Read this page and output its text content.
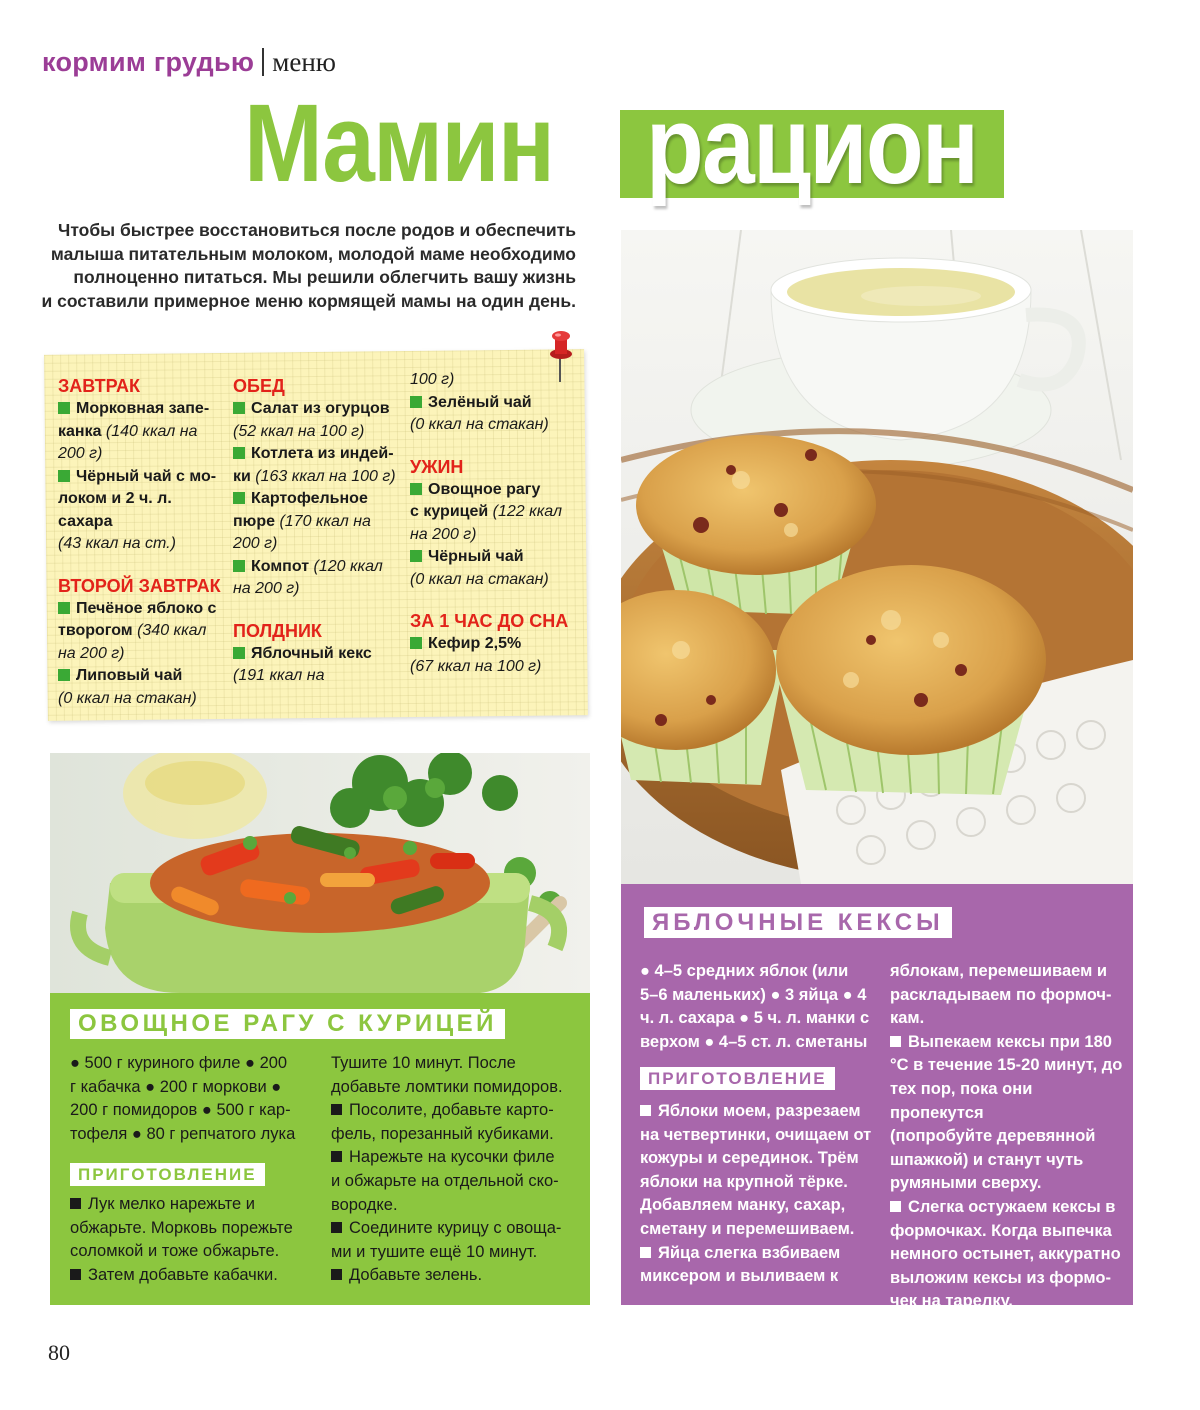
кормим грудью меню
Мамин рацион
Чтобы быстрее восстановиться после родов и обеспечить
малыша питательным молоком, молодой маме необходимо
полноценно питаться. Мы решили облегчить вашу жизнь
и составили примерное меню кормящей мамы на один день.
ЗАВТРАК
Морковная запе-
канка (140 ккал на
200 г)
Чёрный чай с мо-
локом и 2 ч. л. сахара
(43 ккал на ст.)
ВТОРОЙ ЗАВТРАК
Печёное яблоко с
творогом (340 ккал
на 200 г)
Липовый чай
(0 ккал на стакан)
ОБЕД
Салат из огурцов
(52 ккал на 100 г)
Котлета из индей-
ки (163 ккал на 100 г)
Картофельное
пюре (170 ккал на
200 г)
Компот (120 ккал
на 200 г)
ПОЛДНИК
Яблочный кекс
(191 ккал на
100 г)
Зелёный чай
(0 ккал на стакан)
УЖИН
Овощное рагу
с курицей (122 ккал
на 200 г)
Чёрный чай
(0 ккал на стакан)
ЗА 1 ЧАС ДО СНА
Кефир 2,5%
(67 ккал на 100 г)
ОВОЩНОЕ РАГУ С КУРИЦЕЙ
● 500 г куриного филе ● 200
г кабачка ● 200 г моркови ●
200 г помидоров ● 500 г кар-
тофеля ● 80 г репчатого лука
ПРИГОТОВЛЕНИЕ
Лук мелко нарежьте и
обжарьте. Морковь порежьте
соломкой и тоже обжарьте.
Затем добавьте кабачки.
Тушите 10 минут. После
добавьте ломтики помидоров.
Посолите, добавьте карто-
фель, порезанный кубиками.
Нарежьте на кусочки филе
и обжарьте на отдельной ско-
вородке.
Соедините курицу с овоща-
ми и тушите ещё 10 минут.
Добавьте зелень.
ЯБЛОЧНЫЕ КЕКСЫ
● 4–5 средних яблок (или
5–6 маленьких) ● 3 яйца ● 4
ч. л. сахара ● 5 ч. л. манки с
верхом ● 4–5 ст. л. сметаны
ПРИГОТОВЛЕНИЕ
Яблоки моем, разрезаем
на четвертинки, очищаем от
кожуры и серединок. Трём
яблоки на крупной тёрке.
Добавляем манку, сахар,
сметану и перемешиваем.
Яйца слегка взбиваем
миксером и выливаем к
яблокам, перемешиваем и
раскладываем по формоч-
кам.
Выпекаем кексы при 180
°С в течение 15-20 минут, до
тех пор, пока они пропекутся
(попробуйте деревянной
шпажкой) и станут чуть
румяными сверху.
Слегка остужаем кексы в
формочках. Когда выпечка
немного остынет, аккуратно
выложим кексы из формо-
чек на тарелку.
80
